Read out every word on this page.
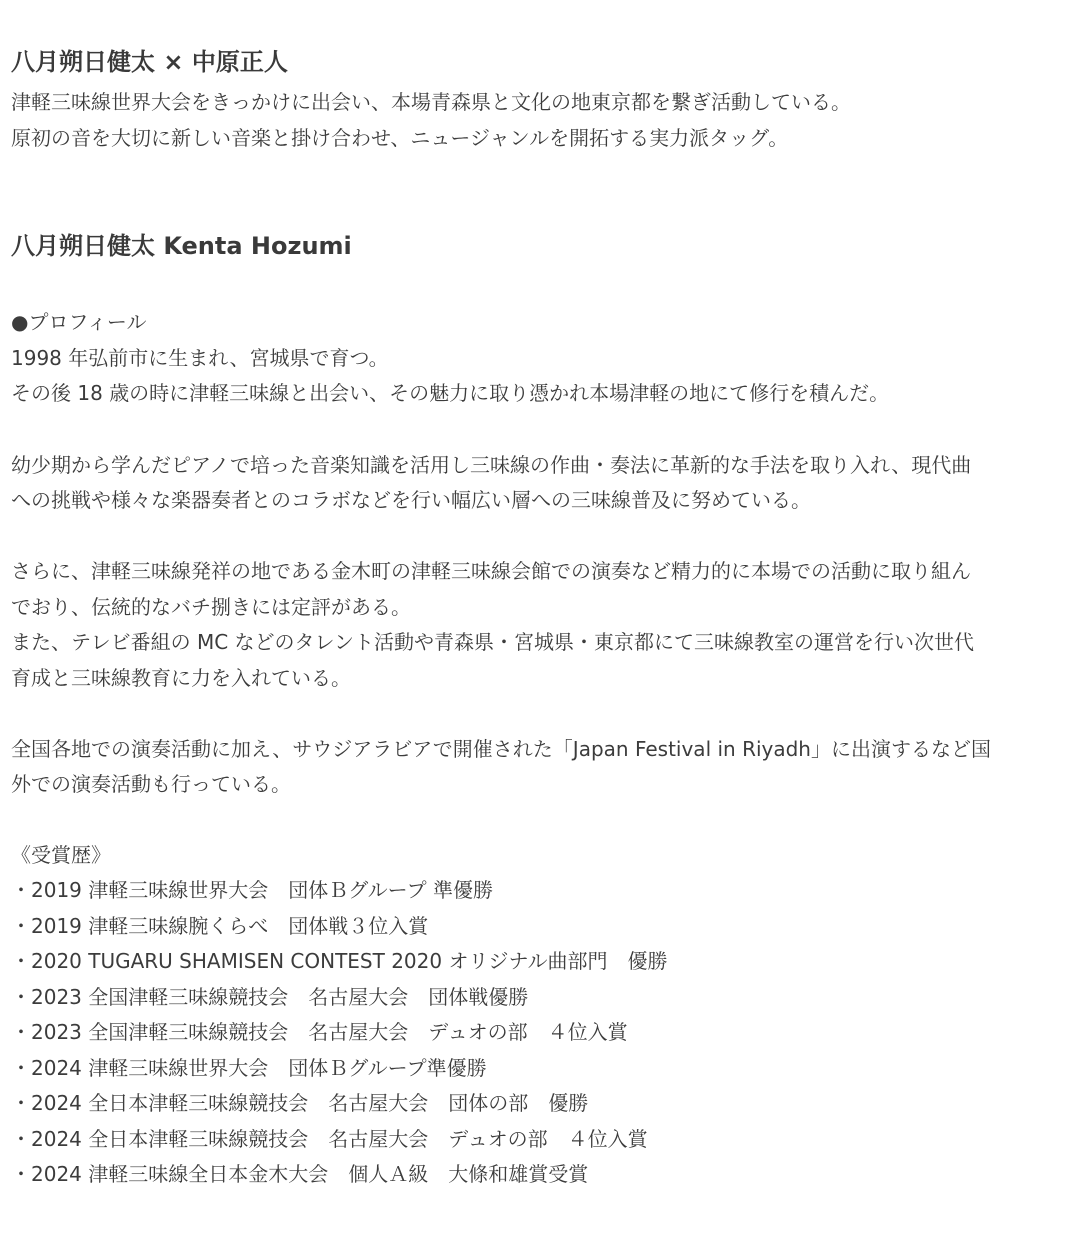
八月朔日健太 × 中原正人
津軽三味線世界大会をきっかけに出会い、本場青森県と文化の地東京都を繋ぎ活動している。
原初の音を大切に新しい音楽と掛け合わせ、ニュージャンルを開拓する実力派タッグ。
八月朔日健太 Kenta Hozumi
●プロフィール
1998 年弘前市に生まれ、宮城県で育つ。
その後 18 歳の時に津軽三味線と出会い、その魅力に取り憑かれ本場津軽の地にて修行を積んだ。
幼少期から学んだピアノで培った音楽知識を活用し三味線の作曲・奏法に革新的な手法を取り入れ、現代曲
への挑戦や様々な楽器奏者とのコラボなどを行い幅広い層への三味線普及に努めている。
さらに、津軽三味線発祥の地である金木町の津軽三味線会館での演奏など精力的に本場での活動に取り組ん
でおり、伝統的なバチ捌きには定評がある。
また、テレビ番組の MC などのタレント活動や青森県・宮城県・東京都にて三味線教室の運営を行い次世代
育成と三味線教育に力を入れている。
全国各地での演奏活動に加え、サウジアラビアで開催された「Japan Festival in Riyadh」に出演するなど国
外での演奏活動も行っている。
《受賞歴》
・2019 津軽三味線世界大会　団体Ｂグループ 準優勝
・2019 津軽三味線腕くらべ　団体戦３位入賞
・2020 TUGARU SHAMISEN CONTEST 2020 オリジナル曲部門　優勝
・2023 全国津軽三味線競技会　名古屋大会　団体戦優勝
・2023 全国津軽三味線競技会　名古屋大会　デュオの部　４位入賞
・2024 津軽三味線世界大会　団体Ｂグループ準優勝
・2024 全日本津軽三味線競技会　名古屋大会　団体の部　優勝
・2024 全日本津軽三味線競技会　名古屋大会　デュオの部　４位入賞
・2024 津軽三味線全日本金木大会　個人Ａ級　大條和雄賞受賞
